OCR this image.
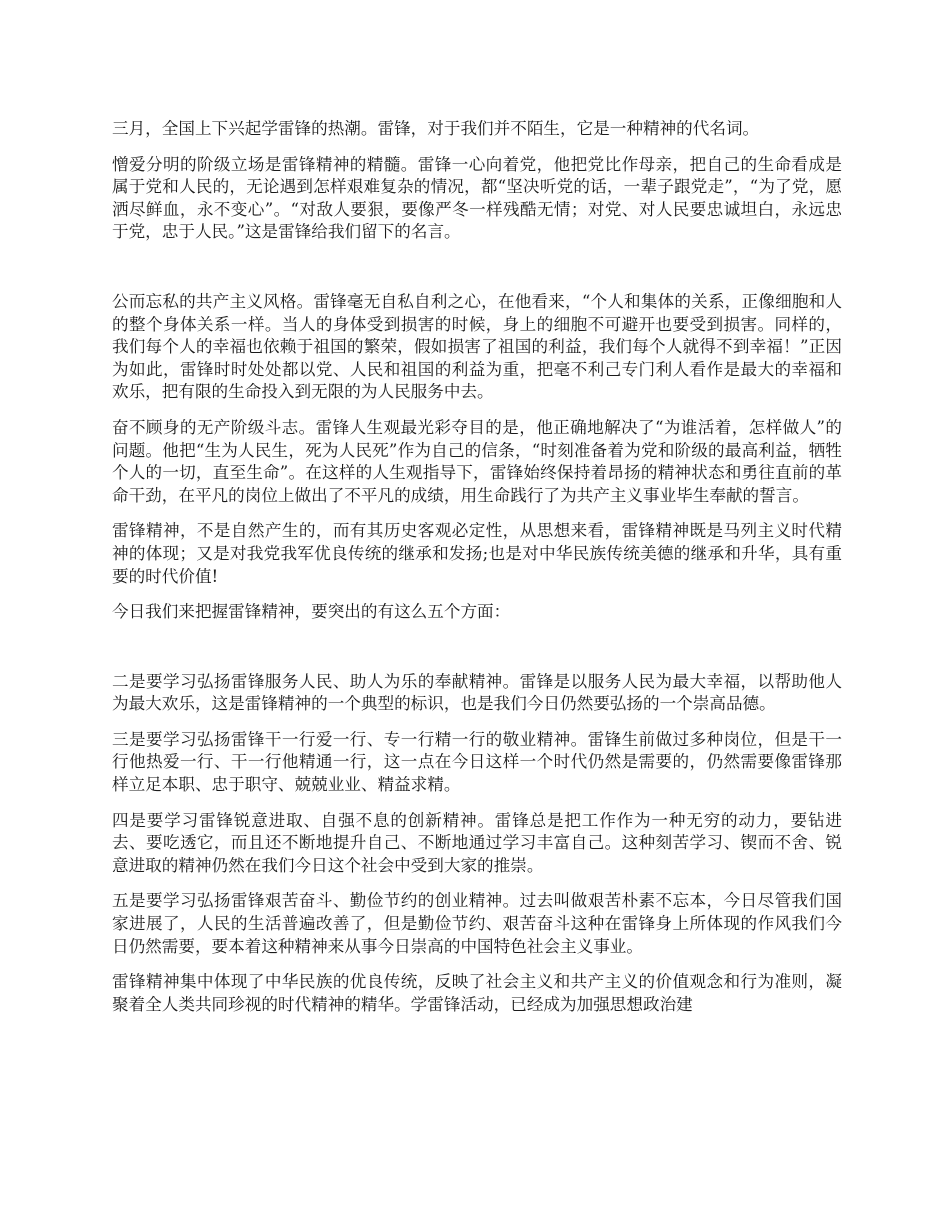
三月，全国上下兴起学雷锋的热潮。雷锋，对于我们并不陌生，它是一种精神的代名词。

憎爱分明的阶级立场是雷锋精神的精髓。雷锋一心向着党，他把党比作母亲，把自己的生命看成是属于党和人民的，无论遇到怎样艰难复杂的情况，都“坚决听党的话，一辈子跟党走”，“为了党，愿洒尽鲜血，永不变心”。“对敌人要狠，要像严冬一样残酷无情；对党、对人民要忠诚坦白，永远忠于党，忠于人民。”这是雷锋给我们留下的名言。

公而忘私的共产主义风格。雷锋毫无自私自利之心，在他看来，“个人和集体的关系，正像细胞和人的整个身体关系一样。当人的身体受到损害的时候，身上的细胞不可避开也要受到损害。同样的，我们每个人的幸福也依赖于祖国的繁荣，假如损害了祖国的利益，我们每个人就得不到幸福！”正因为如此，雷锋时时处处都以党、人民和祖国的利益为重，把毫不利己专门利人看作是最大的幸福和欢乐，把有限的生命投入到无限的为人民服务中去。

奋不顾身的无产阶级斗志。雷锋人生观最光彩夺目的是，他正确地解决了“为谁活着，怎样做人”的问题。他把“生为人民生，死为人民死”作为自己的信条，“时刻准备着为党和阶级的最高利益，牺牲个人的一切，直至生命”。在这样的人生观指导下，雷锋始终保持着昂扬的精神状态和勇往直前的革命干劲，在平凡的岗位上做出了不平凡的成绩，用生命践行了为共产主义事业毕生奉献的誓言。

雷锋精神，不是自然产生的，而有其历史客观必定性，从思想来看，雷锋精神既是马列主义时代精神的体现；又是对我党我军优良传统的继承和发扬;也是对中华民族传统美德的继承和升华，具有重要的时代价值!

今日我们来把握雷锋精神，要突出的有这么五个方面：

二是要学习弘扬雷锋服务人民、助人为乐的奉献精神。雷锋是以服务人民为最大幸福，以帮助他人为最大欢乐，这是雷锋精神的一个典型的标识，也是我们今日仍然要弘扬的一个崇高品德。

三是要学习弘扬雷锋干一行爱一行、专一行精一行的敬业精神。雷锋生前做过多种岗位，但是干一行他热爱一行、干一行他精通一行，这一点在今日这样一个时代仍然是需要的，仍然需要像雷锋那样立足本职、忠于职守、兢兢业业、精益求精。

四是要学习雷锋锐意进取、自强不息的创新精神。雷锋总是把工作作为一种无穷的动力，要钻进去、要吃透它，而且还不断地提升自己、不断地通过学习丰富自己。这种刻苦学习、锲而不舍、锐意进取的精神仍然在我们今日这个社会中受到大家的推崇。

五是要学习弘扬雷锋艰苦奋斗、勤俭节约的创业精神。过去叫做艰苦朴素不忘本，今日尽管我们国家进展了，人民的生活普遍改善了，但是勤俭节约、艰苦奋斗这种在雷锋身上所体现的作风我们今日仍然需要，要本着这种精神来从事今日崇高的中国特色社会主义事业。

雷锋精神集中体现了中华民族的优良传统，反映了社会主义和共产主义的价值观念和行为准则，凝聚着全人类共同珍视的时代精神的精华。学雷锋活动，已经成为加强思想政治建
